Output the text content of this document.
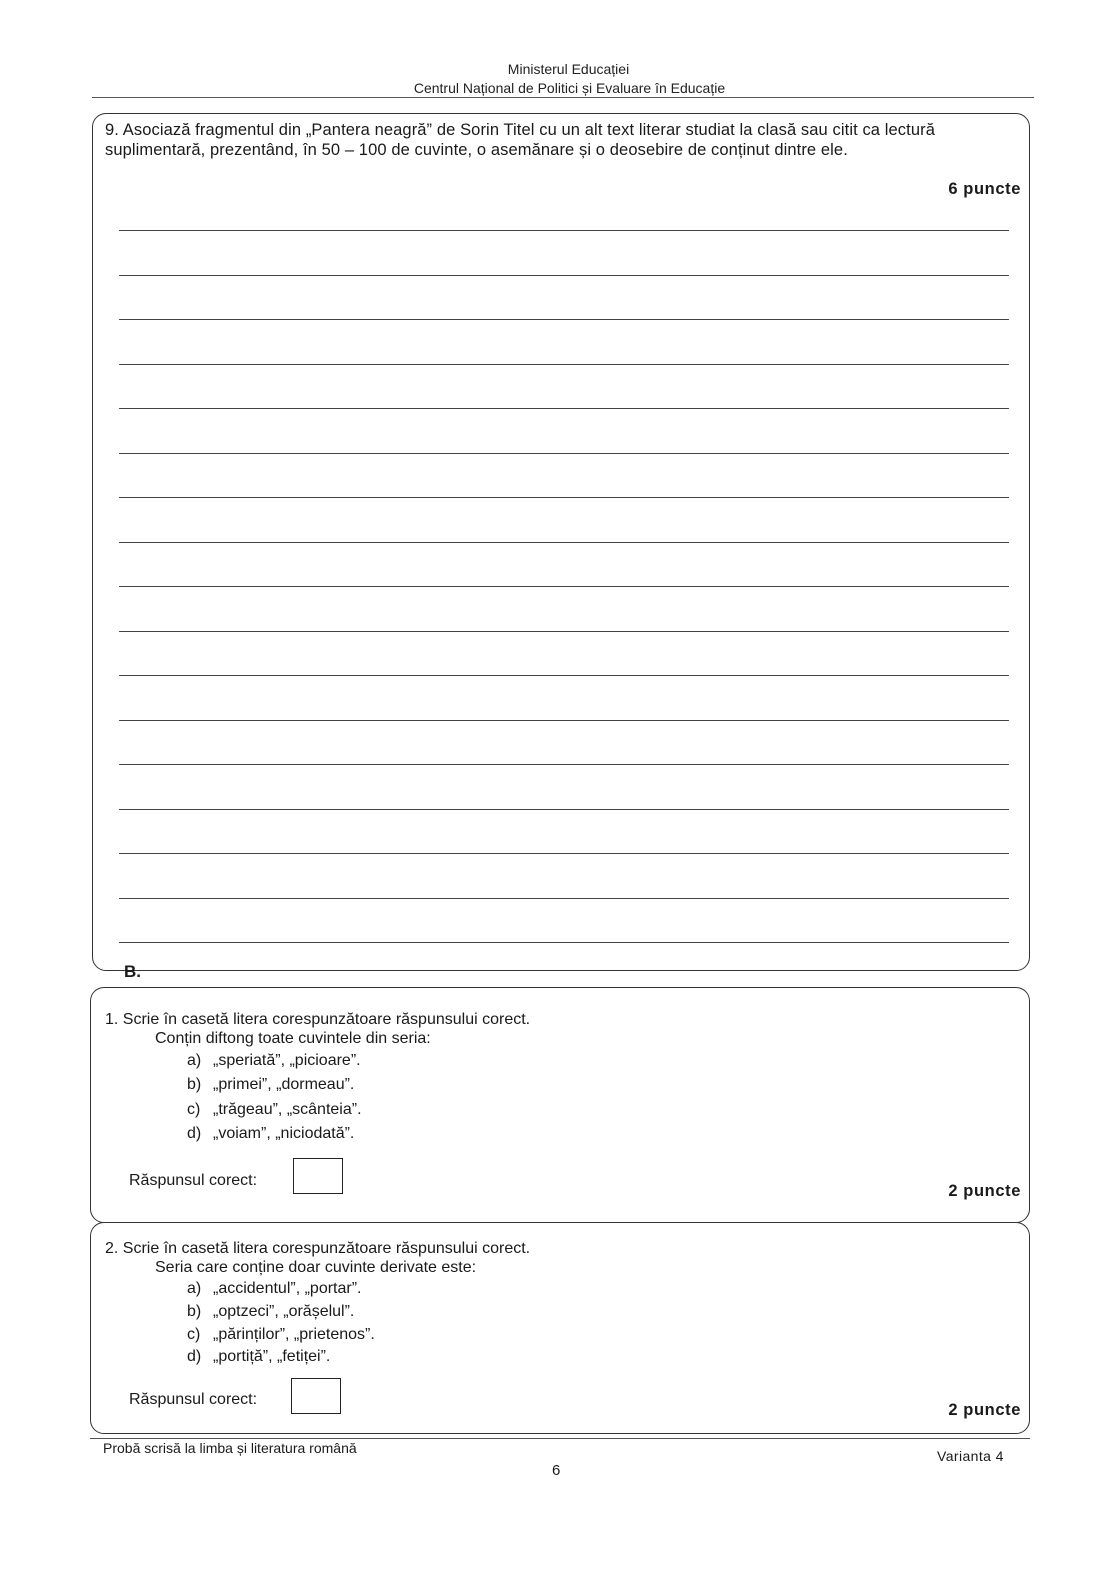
Ministerul Educației
Centrul Național de Politici și Evaluare în Educație
9. Asociază fragmentul din „Pantera neagră” de Sorin Titel cu un alt text literar studiat la clasă sau citit ca lectură suplimentară, prezentând, în 50 – 100 de cuvinte, o asemănare și o deosebire de conținut dintre ele.
6 puncte
B.
1. Scrie în casetă litera corespunzătoare răspunsului corect.
Conțin diftong toate cuvintele din seria:
a) „speriată”, „picioare”.
b) „primei”, „dormeau”.
c) „trăgeau”, „scânteia”.
d) „voiam”, „niciodată”.
Răspunsul corect:
2 puncte
2. Scrie în casetă litera corespunzătoare răspunsului corect.
Seria care conține doar cuvinte derivate este:
a) „accidentul”, „portar”.
b) „optzeci”, „orășelul”.
c) „părinților”, „prietenos”.
d) „portiță”, „fetiței”.
Răspunsul corect:
2 puncte
Probă scrisă la limba și literatura română
6
Varianta 4
